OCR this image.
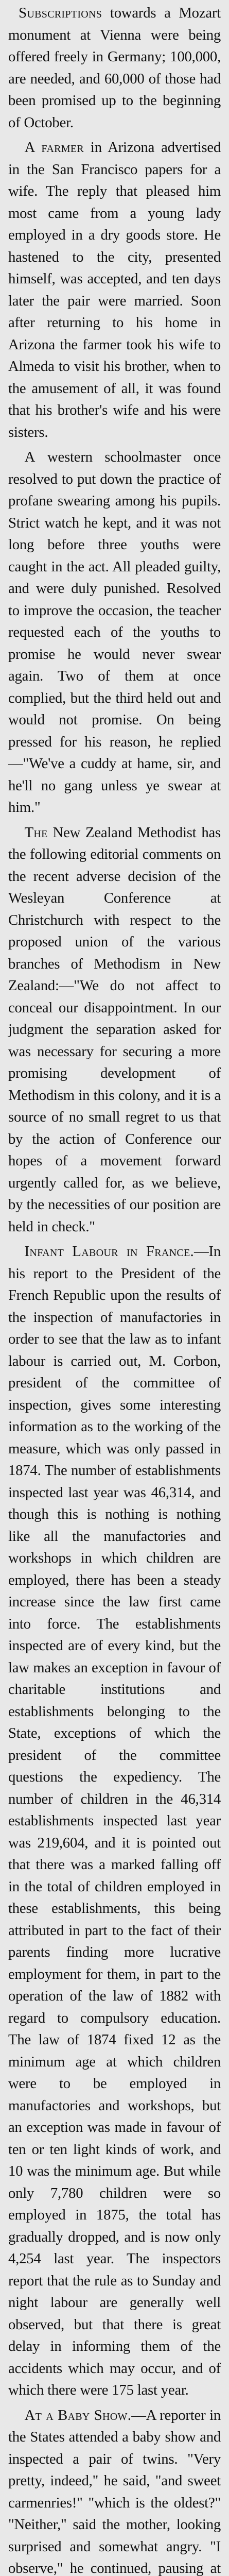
Subscriptions towards a Mozart monument at Vienna were being offered freely in Germany; 100,000, are needed, and 60,000 of those had been promised up to the beginning of October.

A farmer in Arizona advertised in the San Francisco papers for a wife. The reply that pleased him most came from a young lady employed in a dry goods store. He hastened to the city, presented himself, was accepted, and ten days later the pair were married. Soon after returning to his home in Arizona the farmer took his wife to Almeda to visit his brother, when to the amusement of all, it was found that his brother's wife and his were sisters.

A western schoolmaster once resolved to put down the practice of profane swearing among his pupils. Strict watch he kept, and it was not long before three youths were caught in the act. All pleaded guilty, and were duly punished. Resolved to improve the occasion, the teacher requested each of the youths to promise he would never swear again. Two of them at once complied, but the third held out and would not promise. On being pressed for his reason, he replied—"We've a cuddy at hame, sir, and he'll no gang unless ye swear at him."

The New Zealand Methodist has the following editorial comments on the recent adverse decision of the Wesleyan Conference at Christchurch with respect to the proposed union of the various branches of Methodism in New Zealand:—"We do not affect to conceal our disappointment. In our judgment the separation asked for was necessary for securing a more promising development of Methodism in this colony, and it is a source of no small regret to us that by the action of Conference our hopes of a movement forward urgently called for, as we believe, by the necessities of our position are held in check."

Infant Labour in France.—In his report to the President of the French Republic upon the results of the inspection of manufactories in order to see that the law as to infant labour is carried out, M. Corbon, president of the committee of inspection, gives some interesting information as to the working of the measure, which was only passed in 1874. The number of establishments inspected last year was 46,314, and though this is nothing is nothing like all the manufactories and workshops in which children are employed, there has been a steady increase since the law first came into force. The establishments inspected are of every kind, but the law makes an exception in favour of charitable institutions and establishments belonging to the State, exceptions of which the president of the committee questions the expediency. The number of children in the 46,314 establishments inspected last year was 219,604, and it is pointed out that there was a marked falling off in the total of children employed in these establishments, this being attributed in part to the fact of their parents finding more lucrative employment for them, in part to the operation of the law of 1882 with regard to compulsory education. The law of 1874 fixed 12 as the minimum age at which children were to be employed in manufactories and workshops, but an exception was made in favour of ten or ten light kinds of work, and 10 was the minimum age. But while only 7,780 children were so employed in 1875, the total has gradually dropped, and is now only 4,254 last year. The inspectors report that the rule as to Sunday and night labour are generally well observed, but that there is great delay in informing them of the accidents which may occur, and of which there were 175 last year.

At a Baby Show.—A reporter in the States attended a baby show and inspected a pair of twins. "Very pretty, indeed," he said, "and sweet carmenries!" "which is the oldest?" "Neither," said the mother, looking surprised and somewhat angry. "I observe," he continued, pausing at
